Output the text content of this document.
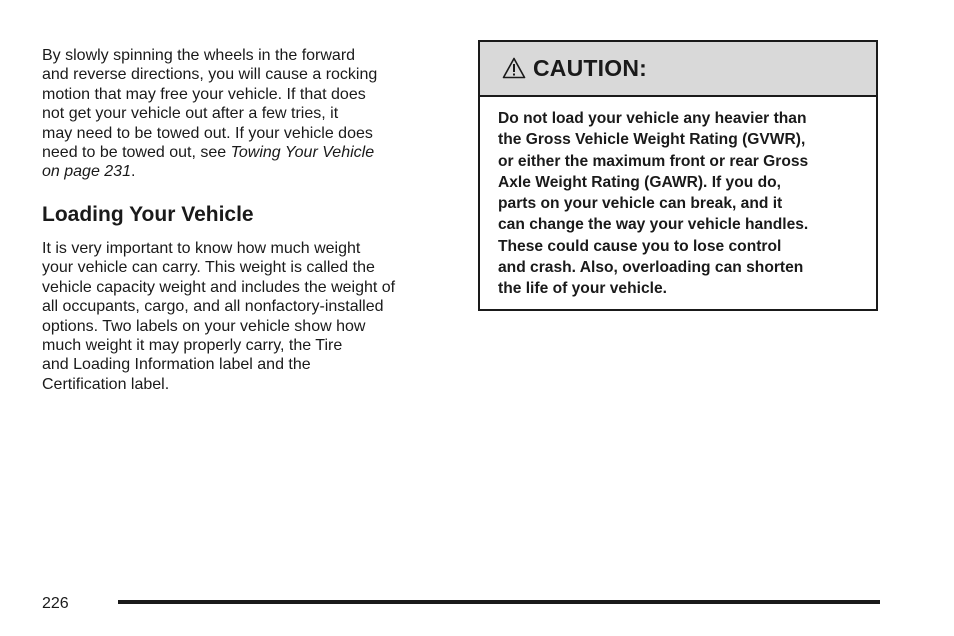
By slowly spinning the wheels in the forward
and reverse directions, you will cause a rocking
motion that may free your vehicle. If that does
not get your vehicle out after a few tries, it
may need to be towed out. If your vehicle does
need to be towed out, see Towing Your Vehicle
on page 231.

Loading Your Vehicle

It is very important to know how much weight
your vehicle can carry. This weight is called the
vehicle capacity weight and includes the weight of
all occupants, cargo, and all nonfactory-installed
options. Two labels on your vehicle show how
much weight it may properly carry, the Tire
and Loading Information label and the
Certification label.

CAUTION:
Do not load your vehicle any heavier than
the Gross Vehicle Weight Rating (GVWR),
or either the maximum front or rear Gross
Axle Weight Rating (GAWR). If you do,
parts on your vehicle can break, and it
can change the way your vehicle handles.
These could cause you to lose control
and crash. Also, overloading can shorten
the life of your vehicle.
226
